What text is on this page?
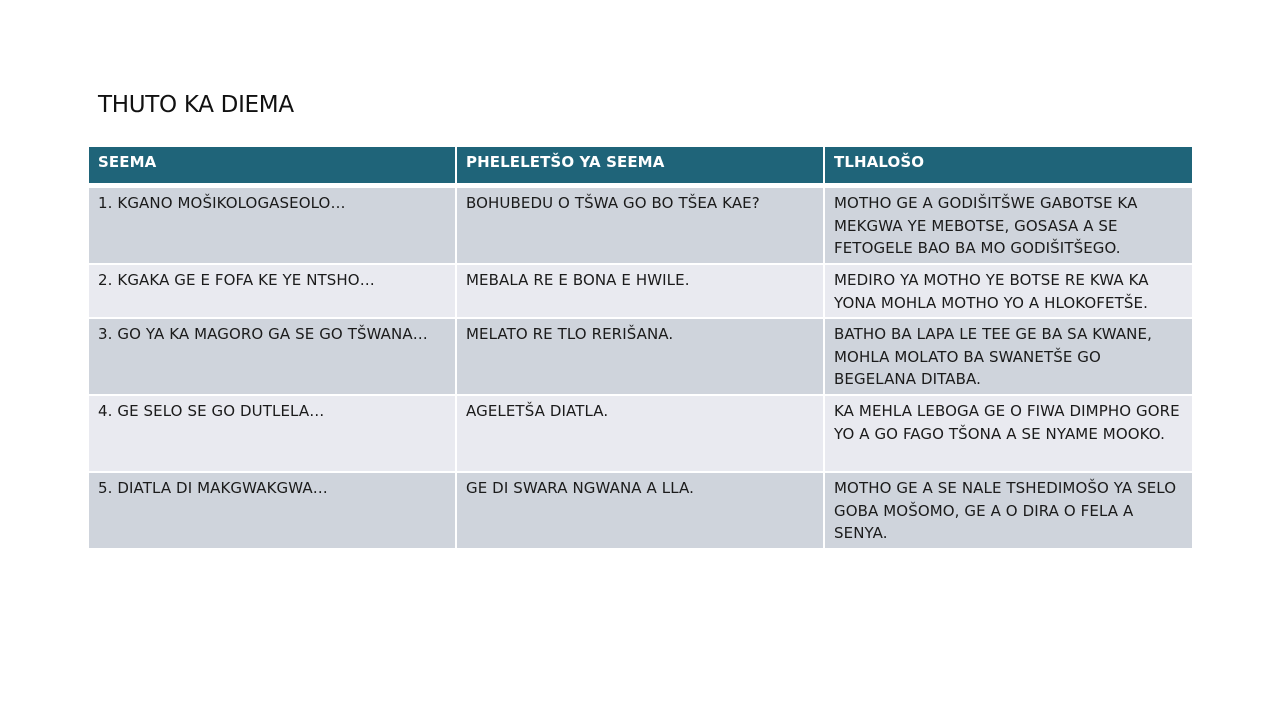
THUTO KA DIEMA
SEEMA	PHELELETŠO YA SEEMA	TLHALOŠO
1. KGANO MOŠIKOLOGASEOLO…	BOHUBEDU O TŠWA GO BO TŠEA KAE?	MOTHO GE A GODIŠITŠWE GABOTSE KA MEKGWA YE MEBOTSE, GOSASA A SE FETOGELE BAO BA MO GODIŠITŠEGO.
2. KGAKA GE E FOFA KE YE NTSHO…	MEBALA RE E BONA E HWILE.	MEDIRO YA MOTHO YE BOTSE RE KWA KA YONA MOHLA MOTHO YO A HLOKOFETŠE.
3. GO YA KA MAGORO GA SE GO TŠWANA…	MELATO RE TLO RERIŠANA.	BATHO BA LAPA LE TEE GE BA SA KWANE, MOHLA MOLATO BA SWANETŠE GO BEGELANA DITABA.
4. GE SELO SE GO DUTLELA…	AGELETŠA DIATLA.	KA MEHLA LEBOGA GE O FIWA DIMPHO GORE YO A GO FAGO TŠONA A SE NYAME MOOKO.
5. DIATLA DI MAKGWAKGWA…	GE DI SWARA NGWANA A LLA.	MOTHO GE A SE NALE TSHEDIMOŠO YA SELO GOBA MOŠOMO, GE A O DIRA O FELA A SENYA.
